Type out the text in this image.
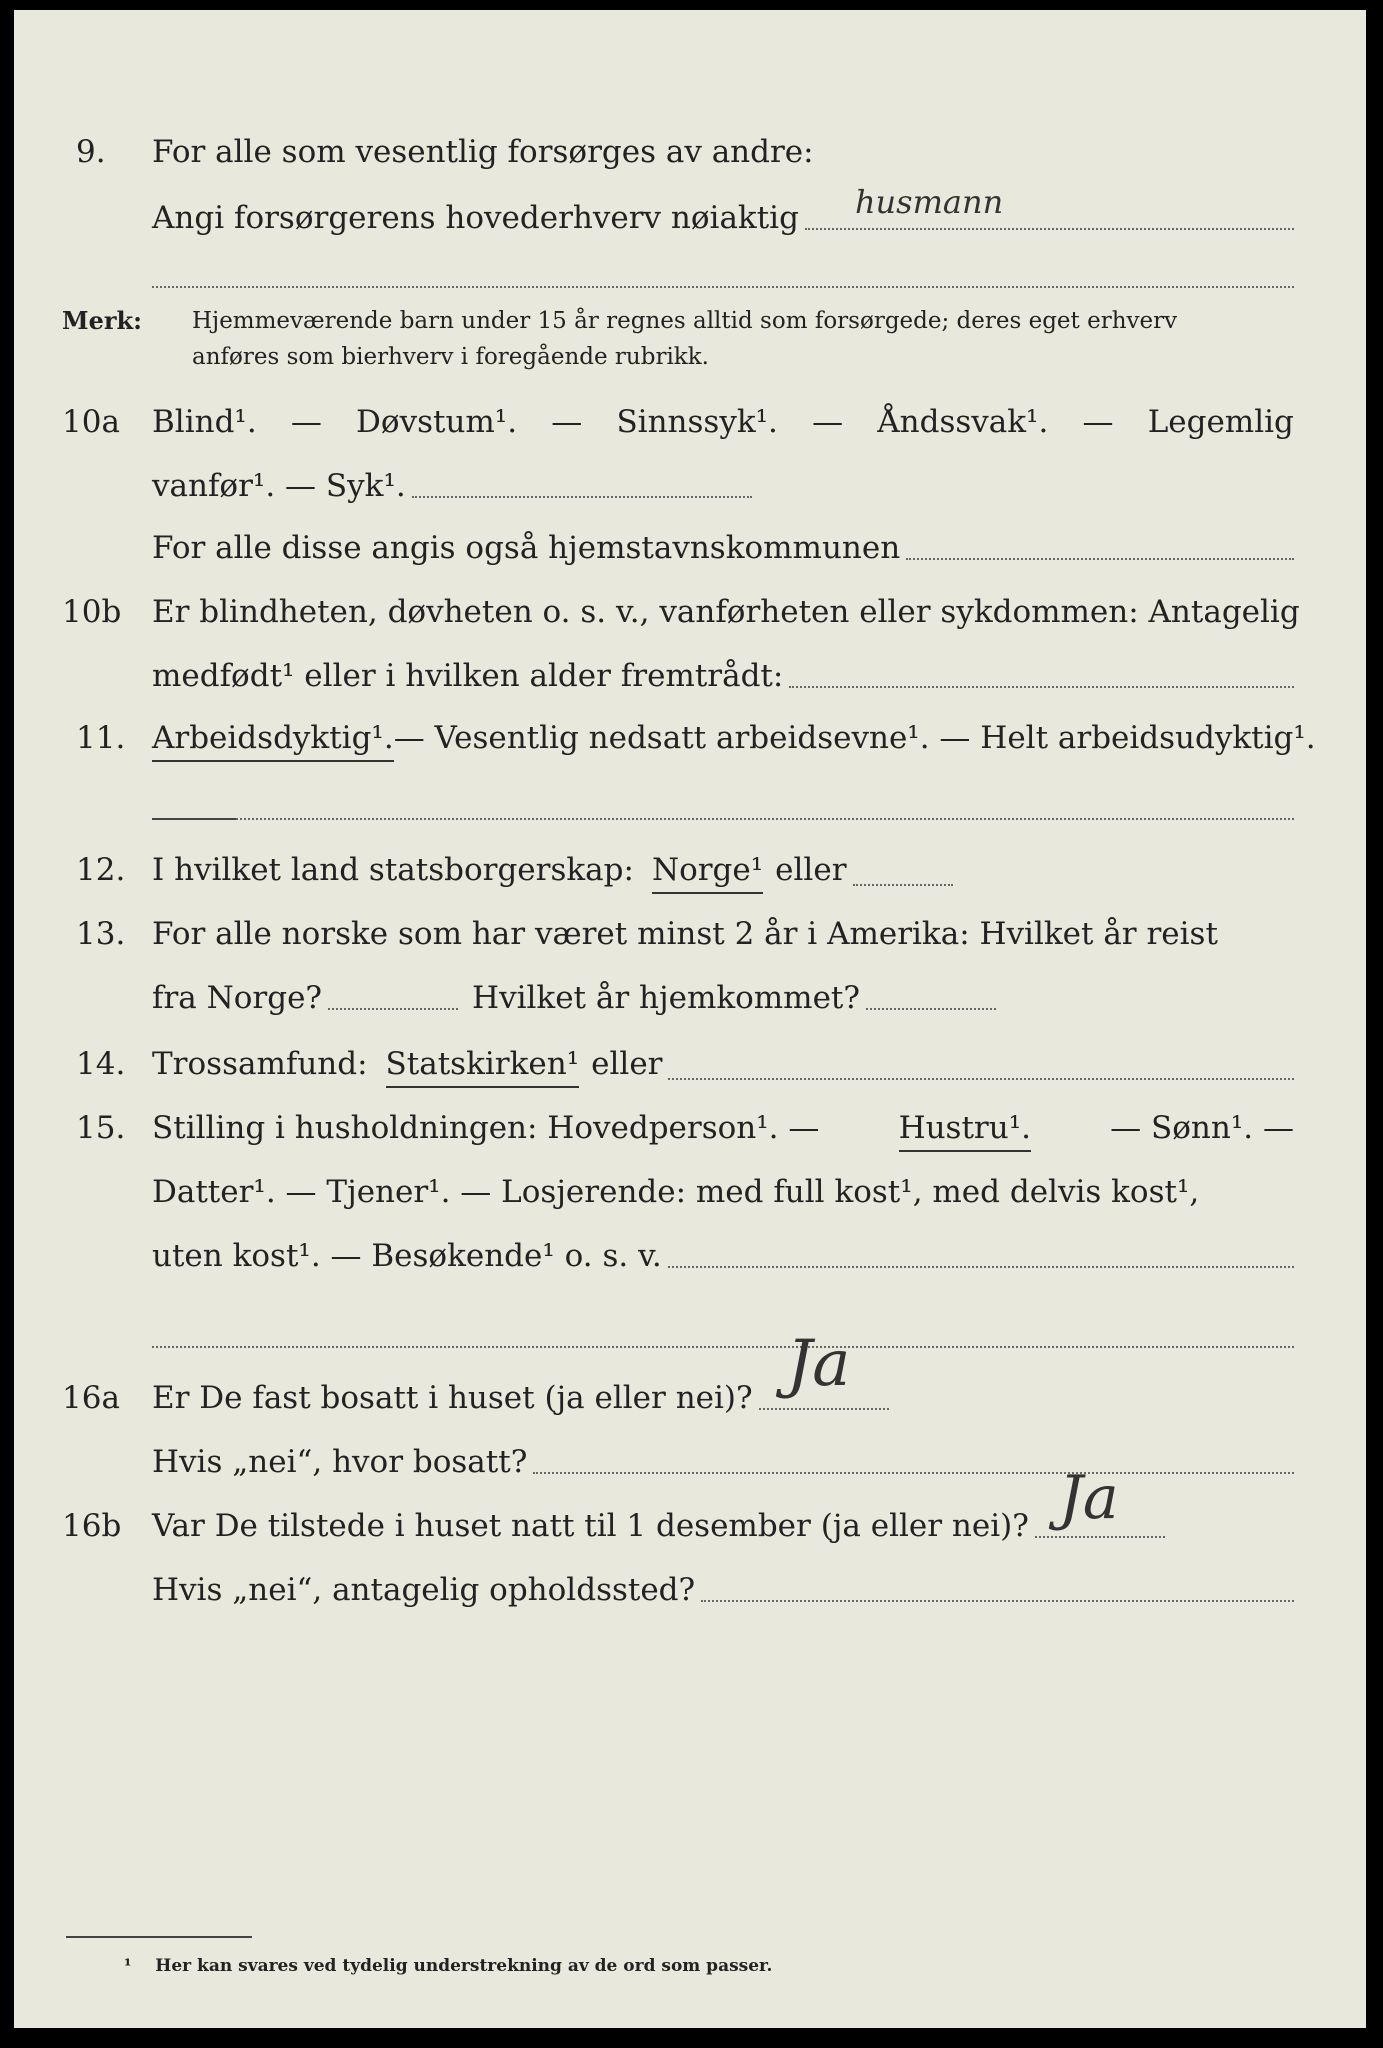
9. For alle som vesentlig forsørges av andre:
Angi forsørgerens hovederhverv nøiaktig husmann
Merk: Hjemmeværende barn under 15 år regnes alltid som forsørgede; deres eget erhverv
anføres som bierhverv i foregående rubrikk.
10a Blind¹. — Døvstum¹. — Sinnssyk¹. — Åndssvak¹. — Legemlig
vanfør¹. — Syk¹.
For alle disse angis også hjemstavnskommunen
10b Er blindheten, døvheten o. s. v., vanførheten eller sykdommen: Antagelig
medfødt¹ eller i hvilken alder fremtrådt:
11. Arbeidsdyktig¹. — Vesentlig nedsatt arbeidsevne¹. — Helt arbeidsudyktig¹.
12. I hvilket land statsborgerskap: Norge¹ eller
13. For alle norske som har været minst 2 år i Amerika: Hvilket år reist
fra Norge?	Hvilket år hjemkommet?
14. Trossamfund: Statskirken¹ eller
15. Stilling i husholdningen: Hovedperson¹. —	Hustru¹.	— Sønn¹. —
Datter¹. — Tjener¹. — Losjerende: med full kost¹, med delvis kost¹,
uten kost¹. — Besøkende¹ o. s. v.
16a Er De fast bosatt i huset (ja eller nei)? Ja
Hvis „nei“, hvor bosatt?
16b Var De tilstede i huset natt til 1 desember (ja eller nei)? Ja
Hvis „nei“, antagelig opholdssted?
¹ Her kan svares ved tydelig understrekning av de ord som passer.
